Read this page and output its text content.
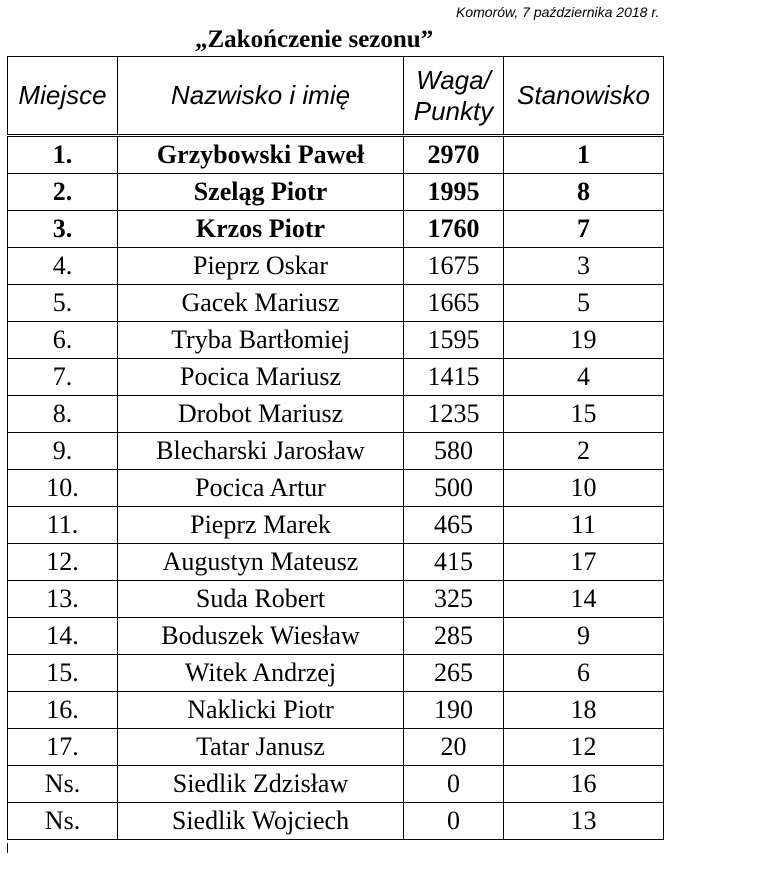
Komorów, 7 października 2018 r.
„Zakończenie sezonu”
Miejsce	Nazwisko i imię	Waga/ Punkty	Stanowisko
1.	Grzybowski Paweł	2970	1
2.	Szeląg Piotr	1995	8
3.	Krzos Piotr	1760	7
4.	Pieprz Oskar	1675	3
5.	Gacek Mariusz	1665	5
6.	Tryba Bartłomiej	1595	19
7.	Pocica Mariusz	1415	4
8.	Drobot Mariusz	1235	15
9.	Blecharski Jarosław	580	2
10.	Pocica Artur	500	10
11.	Pieprz Marek	465	11
12.	Augustyn Mateusz	415	17
13.	Suda Robert	325	14
14.	Boduszek Wiesław	285	9
15.	Witek Andrzej	265	6
16.	Naklicki Piotr	190	18
17.	Tatar Janusz	20	12
Ns.	Siedlik Zdzisław	0	16
Ns.	Siedlik Wojciech	0	13
